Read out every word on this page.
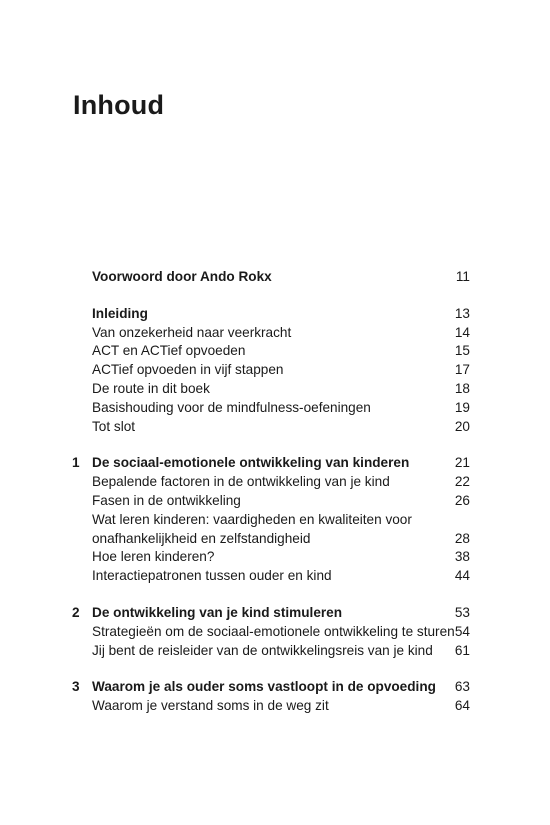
Inhoud
Voorwoord door Ando Rokx	11
Inleiding	13
Van onzekerheid naar veerkracht	14
ACT en ACTief opvoeden	15
ACTief opvoeden in vijf stappen	17
De route in dit boek	18
Basishouding voor de mindfulness-oefeningen	19
Tot slot	20
1 De sociaal-emotionele ontwikkeling van kinderen	21
Bepalende factoren in de ontwikkeling van je kind	22
Fasen in de ontwikkeling	26
Wat leren kinderen: vaardigheden en kwaliteiten voor
onafhankelijkheid en zelfstandigheid	28
Hoe leren kinderen?	38
Interactiepatronen tussen ouder en kind	44
2 De ontwikkeling van je kind stimuleren	53
Strategieën om de sociaal-emotionele ontwikkeling te sturen 54
Jij bent de reisleider van de ontwikkelingsreis van je kind 61
3 Waarom je als ouder soms vastloopt in de opvoeding 63
Waarom je verstand soms in de weg zit	64
